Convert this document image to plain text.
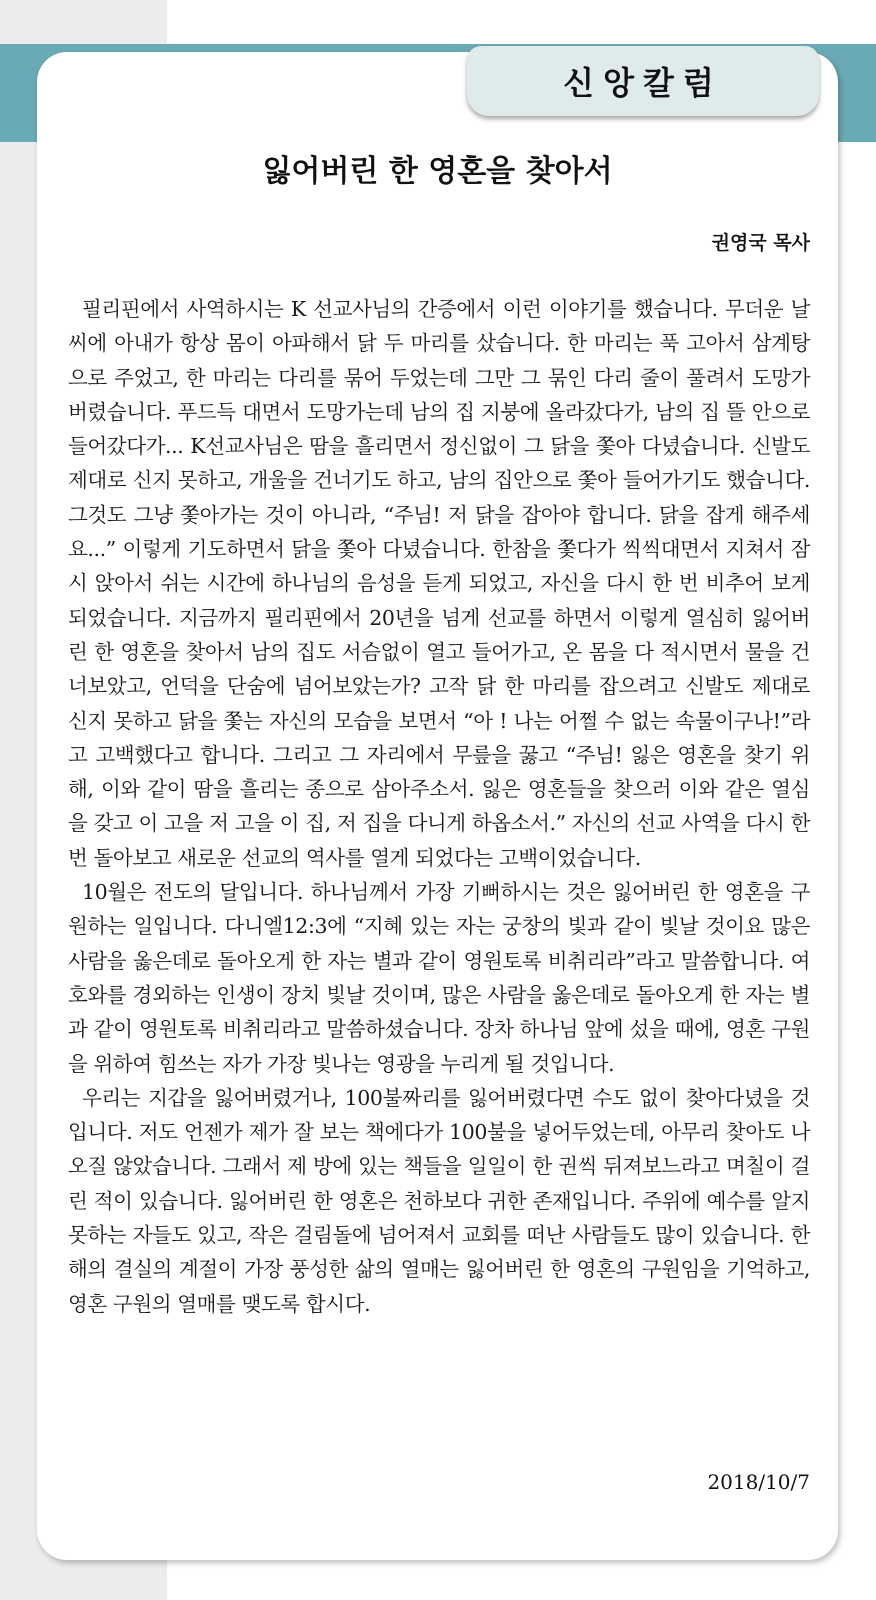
신앙칼럼
잃어버린 한 영혼을 찾아서
권영국 목사

필리핀에서 사역하시는 K 선교사님의 간증에서 이런 이야기를 했습니다. 무더운 날씨에 아내가 항상 몸이 아파해서 닭 두 마리를 샀습니다. 한 마리는 푹 고아서 삼계탕으로 주었고, 한 마리는 다리를 묶어 두었는데 그만 그 묶인 다리 줄이 풀려서 도망가 버렸습니다. 푸드득 대면서 도망가는데 남의 집 지붕에 올라갔다가, 남의 집 뜰 안으로 들어갔다가... K선교사님은 땀을 흘리면서 정신없이 그 닭을 쫓아 다녔습니다. 신발도 제대로 신지 못하고, 개울을 건너기도 하고, 남의 집안으로 쫓아 들어가기도 했습니다. 그것도 그냥 쫓아가는 것이 아니라, “주님! 저 닭을 잡아야 합니다. 닭을 잡게 해주세요...” 이렇게 기도하면서 닭을 쫓아 다녔습니다. 한참을 쫓다가 씩씩대면서 지쳐서 잠시 앉아서 쉬는 시간에 하나님의 음성을 듣게 되었고, 자신을 다시 한 번 비추어 보게 되었습니다. 지금까지 필리핀에서 20년을 넘게 선교를 하면서 이렇게 열심히 잃어버린 한 영혼을 찾아서 남의 집도 서슴없이 열고 들어가고, 온 몸을 다 적시면서 물을 건너보았고, 언덕을 단숨에 넘어보았는가? 고작 닭 한 마리를 잡으려고 신발도 제대로 신지 못하고 닭을 쫓는 자신의 모습을 보면서 “아 ! 나는 어쩔 수 없는 속물이구나!”라고 고백했다고 합니다. 그리고 그 자리에서 무릎을 꿇고 “주님! 잃은 영혼을 찾기 위해, 이와 같이 땀을 흘리는 종으로 삼아주소서. 잃은 영혼들을 찾으러 이와 같은 열심을 갖고 이 고을 저 고을 이 집, 저 집을 다니게 하옵소서.” 자신의 선교 사역을 다시 한 번 돌아보고 새로운 선교의 역사를 열게 되었다는 고백이었습니다.

10월은 전도의 달입니다. 하나님께서 가장 기뻐하시는 것은 잃어버린 한 영혼을 구원하는 일입니다. 다니엘12:3에 “지혜 있는 자는 궁창의 빛과 같이 빛날 것이요 많은 사람을 옳은데로 돌아오게 한 자는 별과 같이 영원토록 비취리라”라고 말씀합니다. 여호와를 경외하는 인생이 장치 빛날 것이며, 많은 사람을 옳은데로 돌아오게 한 자는 별과 같이 영원토록 비취리라고 말씀하셨습니다. 장차 하나님 앞에 섰을 때에, 영혼 구원을 위하여 힘쓰는 자가 가장 빛나는 영광을 누리게 될 것입니다.

우리는 지갑을 잃어버렸거나, 100불짜리를 잃어버렸다면 수도 없이 찾아다녔을 것입니다. 저도 언젠가 제가 잘 보는 책에다가 100불을 넣어두었는데, 아무리 찾아도 나오질 않았습니다. 그래서 제 방에 있는 책들을 일일이 한 권씩 뒤져보느라고 며칠이 걸린 적이 있습니다. 잃어버린 한 영혼은 천하보다 귀한 존재입니다. 주위에 예수를 알지 못하는 자들도 있고, 작은 걸림돌에 넘어져서 교회를 떠난 사람들도 많이 있습니다. 한 해의 결실의 계절이 가장 풍성한 삶의 열매는 잃어버린 한 영혼의 구원임을 기억하고, 영혼 구원의 열매를 맺도록 합시다.

2018/10/7
